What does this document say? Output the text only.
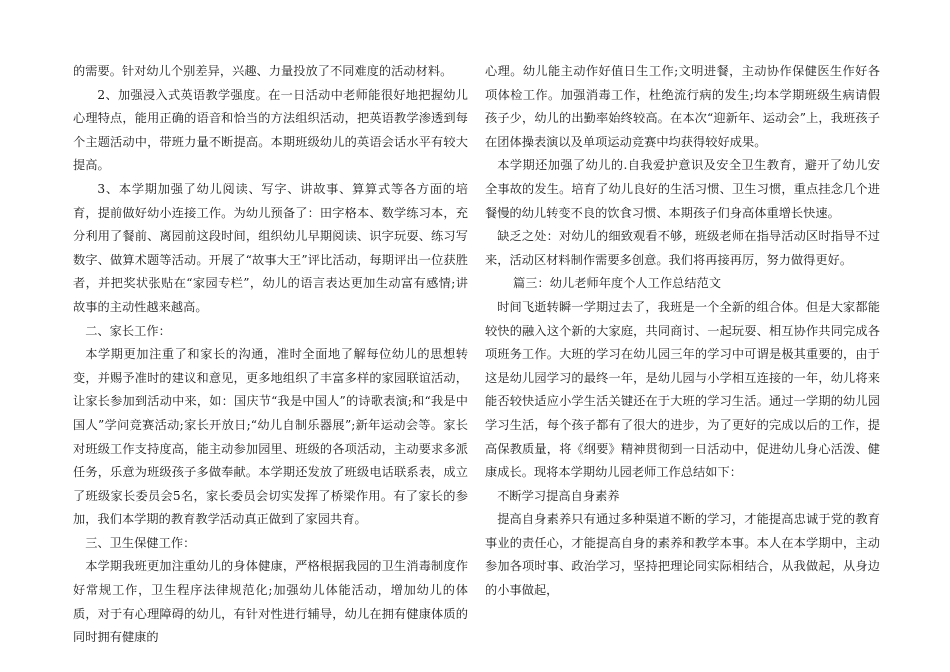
的需要。针对幼儿个别差异，兴趣、力量投放了不同难度的活动材料。

2、加强浸入式英语教学强度。在一日活动中老师能很好地把握幼儿心理特点，能用正确的语音和恰当的方法组织活动，把英语教学渗透到每个主题活动中，带班力量不断提高。本期班级幼儿的英语会话水平有较大提高。

3、本学期加强了幼儿阅读、写字、讲故事、算算式等各方面的培育，提前做好幼小连接工作。为幼儿预备了：田字格本、数学练习本，充分利用了餐前、离园前这段时间，组织幼儿早期阅读、识字玩耍、练习写数字、做算术题等活动。开展了“故事大王”评比活动，每期评出一位获胜者，并把奖状张贴在“家园专栏”，幼儿的语言表达更加生动富有感情;讲故事的主动性越来越高。

二、家长工作：

本学期更加注重了和家长的沟通，准时全面地了解每位幼儿的思想转变，并赐予准时的建议和意见，更多地组织了丰富多样的家园联谊活动，让家长参加到活动中来，如：国庆节“我是中国人”的诗歌表演;和“我是中国人”学问竞赛活动;家长开放日;“幼儿自制乐器展”;新年运动会等。家长对班级工作支持度高，能主动参加园里、班级的各项活动，主动要求多派任务，乐意为班级孩子多做奉献。本学期还发放了班级电话联系表，成立了班级家长委员会5名，家长委员会切实发挥了桥梁作用。有了家长的参加，我们本学期的教育教学活动真正做到了家园共育。

三、卫生保健工作：

本学期我班更加注重幼儿的身体健康，严格根据我园的卫生消毒制度作好常规工作，卫生程序法律规范化;加强幼儿体能活动，增加幼儿的体质，对于有心理障碍的幼儿，有针对性进行辅导，幼儿在拥有健康体质的同时拥有健康的

心理。幼儿能主动作好值日生工作;文明进餐，主动协作保健医生作好各项体检工作。加强消毒工作，杜绝流行病的发生;均本学期班级生病请假孩子少，幼儿的出勤率始终较高。在本次“迎新年、运动会”上，我班孩子在团体操表演以及单项运动竞赛中均获得较好成果。

本学期还加强了幼儿的.自我爱护意识及安全卫生教育，避开了幼儿安全事故的发生。培育了幼儿良好的生活习惯、卫生习惯，重点挂念几个进餐慢的幼儿转变不良的饮食习惯、本期孩子们身高体重增长快速。

缺乏之处：对幼儿的细致观看不够，班级老师在指导活动区时指导不过来，活动区材料制作需要多创意。我们将再接再厉，努力做得更好。

篇三：幼儿老师年度个人工作总结范文

时间飞逝转瞬一学期过去了，我班是一个全新的组合体。但是大家都能较快的融入这个新的大家庭，共同商讨、一起玩耍、相互协作共同完成各项班务工作。大班的学习在幼儿园三年的学习中可谓是极其重要的，由于这是幼儿园学习的最终一年，是幼儿园与小学相互连接的一年，幼儿将来能否较快适应小学生活关键还在于大班的学习生活。通过一学期的幼儿园学习生活，每个孩子都有了很大的进步，为了更好的完成以后的工作，提高保教质量，将《纲要》精神贯彻到一日活动中，促进幼儿身心活泼、健康成长。现将本学期幼儿园老师工作总结如下：

不断学习提高自身素养

提高自身素养只有通过多种渠道不断的学习，才能提高忠诚于党的教育事业的责任心，才能提高自身的素养和教学本事。本人在本学期中，主动参加各项时事、政治学习，坚持把理论同实际相结合，从我做起，从身边的小事做起，
